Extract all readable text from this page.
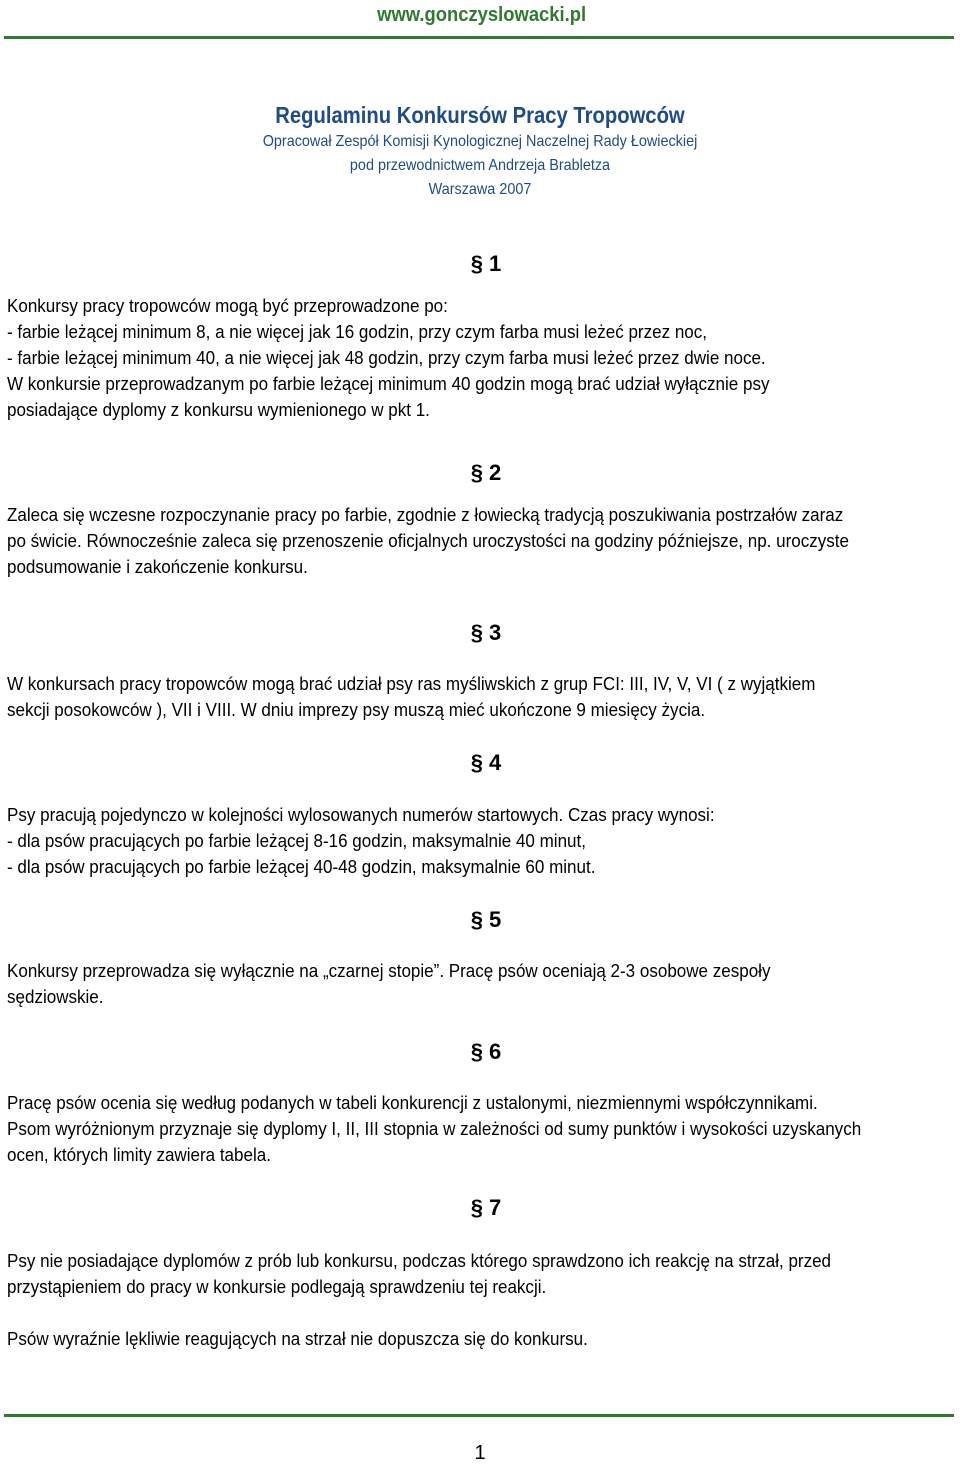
www.gonczyslowacki.pl
Regulaminu Konkursów Pracy Tropowców
Opracował Zespół Komisji Kynologicznej Naczelnej Rady Łowieckiej
pod przewodnictwem Andrzeja Brabletza
Warszawa 2007
§ 1
Konkursy pracy tropowców mogą być przeprowadzone po:
- farbie leżącej minimum 8, a nie więcej jak 16 godzin, przy czym farba musi leżeć przez noc,
- farbie leżącej minimum 40, a nie więcej jak 48 godzin, przy czym farba musi leżeć przez dwie noce.
W konkursie przeprowadzanym po farbie leżącej minimum 40 godzin mogą brać udział wyłącznie psy
posiadające dyplomy z konkursu wymienionego w pkt 1.
§ 2
Zaleca się wczesne rozpoczynanie pracy po farbie, zgodnie z łowiecką tradycją poszukiwania postrzałów zaraz
po świcie. Równocześnie zaleca się przenoszenie oficjalnych uroczystości na godziny późniejsze, np. uroczyste
podsumowanie i zakończenie konkursu.
§ 3
W konkursach pracy tropowców mogą brać udział psy ras myśliwskich z grup FCI: III, IV, V, VI ( z wyjątkiem
sekcji posokowców ), VII i VIII. W dniu imprezy psy muszą mieć ukończone 9 miesięcy życia.
§ 4
Psy pracują pojedynczo w kolejności wylosowanych numerów startowych. Czas pracy wynosi:
- dla psów pracujących po farbie leżącej 8-16 godzin, maksymalnie 40 minut,
- dla psów pracujących po farbie leżącej 40-48 godzin, maksymalnie 60 minut.
§ 5
Konkursy przeprowadza się wyłącznie na „czarnej stopie”. Pracę psów oceniają 2-3 osobowe zespoły
sędziowskie.
§ 6
Pracę psów ocenia się według podanych w tabeli konkurencji z ustalonymi, niezmiennymi współczynnikami.
Psom wyróżnionym przyznaje się dyplomy I, II, III stopnia w zależności od sumy punktów i wysokości uzyskanych
ocen, których limity zawiera tabela.
§ 7
Psy nie posiadające dyplomów z prób lub konkursu, podczas którego sprawdzono ich reakcję na strzał, przed
przystąpieniem do pracy w konkursie podlegają sprawdzeniu tej reakcji.
Psów wyraźnie lękliwie reagujących na strzał nie dopuszcza się do konkursu.
1
